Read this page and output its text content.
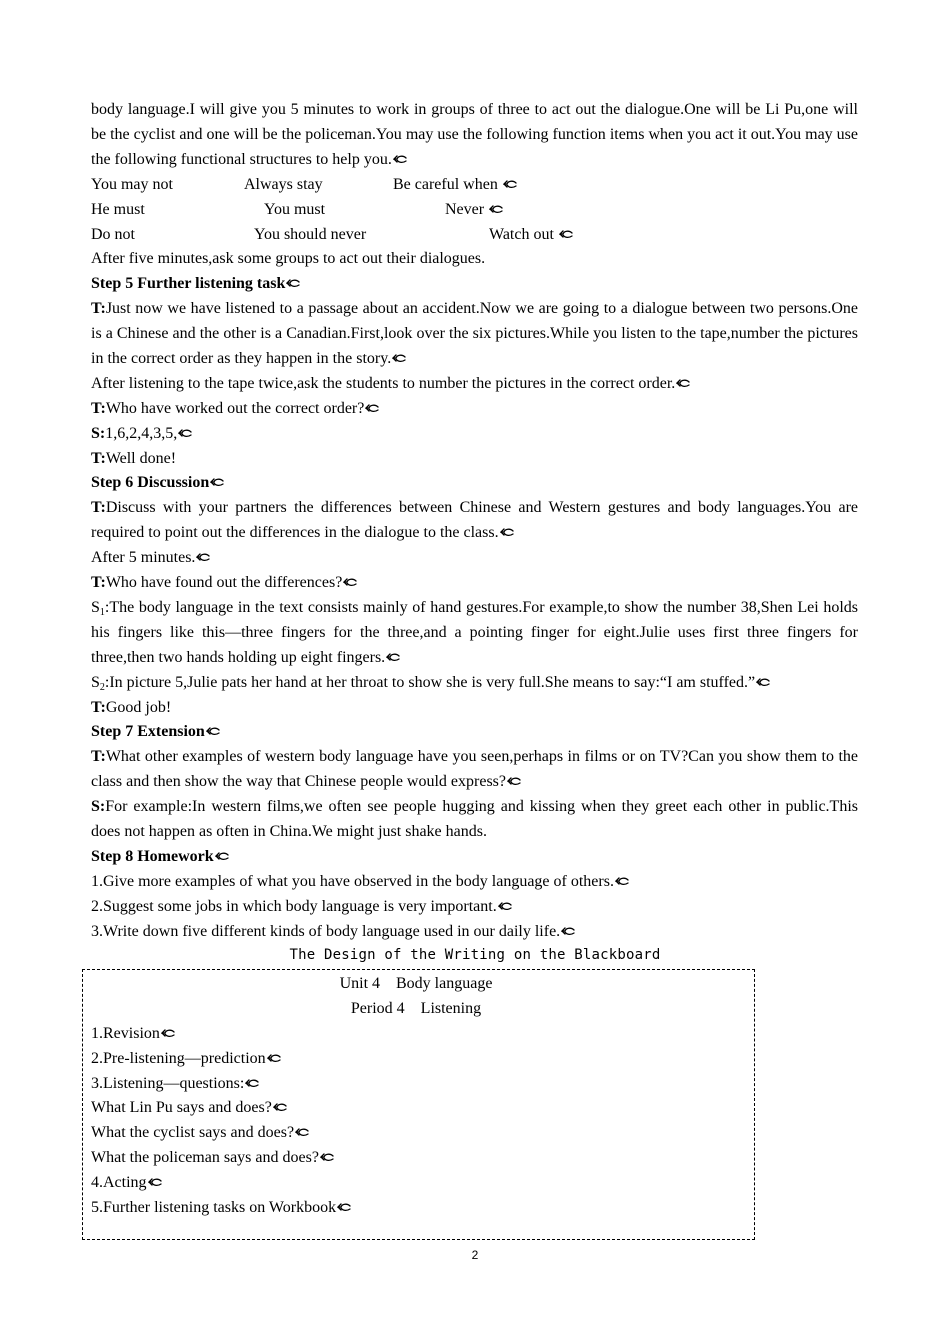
body language.I will give you 5 minutes to work in groups of three to act out the dialogue.One will be Li Pu,one will be the cyclist and one will be the policeman.You may use the following function items when you act it out.You may use the following functional structures to help you.
You may not	Always stay	Be careful when
He must	You must	Never
Do not	You should never	Watch out
After five minutes,ask some groups to act out their dialogues.
Step 5 Further listening task
T:Just now we have listened to a passage about an accident.Now we are going to a dialogue between two persons.One is a Chinese and the other is a Canadian.First,look over the six pictures.While you listen to the tape,number the pictures in the correct order as they happen in the story.
After listening to the tape twice,ask the students to number the pictures in the correct order.
T:Who have worked out the correct order?
S:1,6,2,4,3,5,
T:Well done!
Step 6 Discussion
T:Discuss with your partners the differences between Chinese and Western gestures and body languages.You are required to point out the differences in the dialogue to the class.
After 5 minutes.
T:Who have found out the differences?
$S_1:The$ body language in the text consists mainly of hand gestures.For example,to show the number 38,Shen Lei holds his fingers like this—three fingers for the three,and a pointing finger for eight.Julie uses first three fingers for three,then two hands holding up eight fingers.
$S_2:In$ picture 5,Julie pats her hand at her throat to show she is very full.She means to say:“I am stuffed.”
T:Good job!
Step 7 Extension
T:What other examples of western body language have you seen,perhaps in films or on TV?Can you show them to the class and then show the way that Chinese people would express?
S:For example:In western films,we often see people hugging and kissing when they greet each other in public.This does not happen as often in China.We might just shake hands.
Step 8 Homework
1.Give more examples of what you have observed in the body language of others.
2.Suggest some jobs in which body language is very important.
3.Write down five different kinds of body language used in our daily life.
The Design of the Writing on the Blackboard
Unit 4　Body language
Period 4　Listening
1.Revision
2.Pre-listening—prediction
3.Listening—questions:
What Lin Pu says and does?
What the cyclist says and does?
What the policeman says and does?
4.Acting
5.Further listening tasks on Workbook
2
